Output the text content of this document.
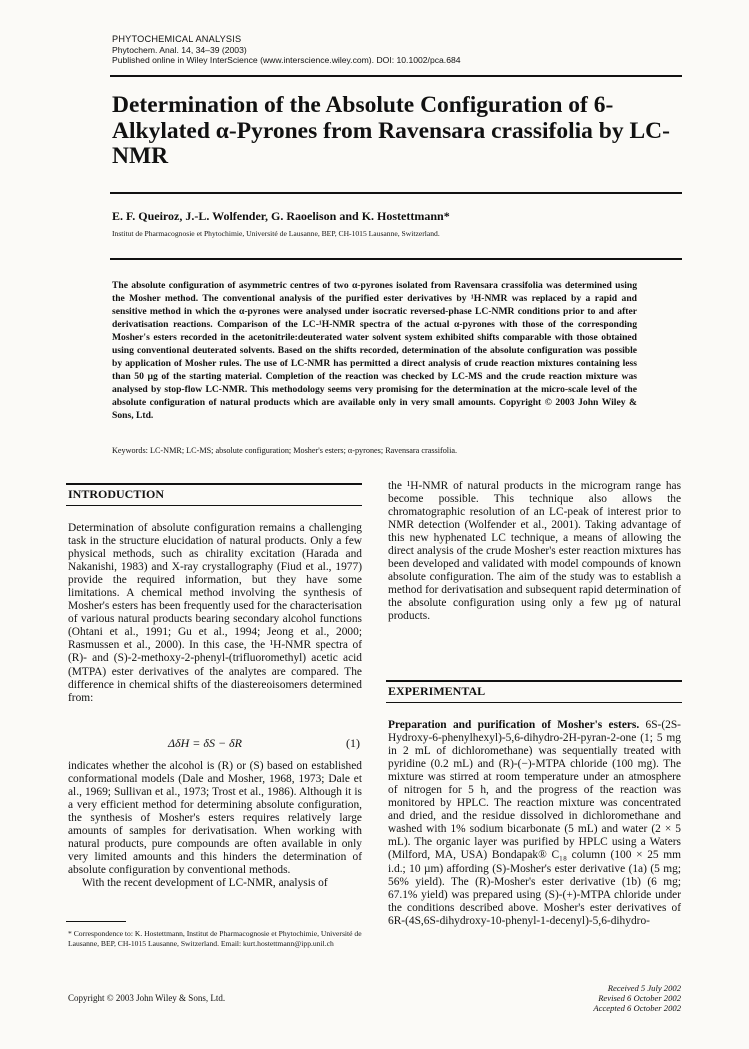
PHYTOCHEMICAL ANALYSIS
Phytochem. Anal. 14, 34–39 (2003)
Published online in Wiley InterScience (www.interscience.wiley.com). DOI: 10.1002/pca.684
Determination of the Absolute Configuration of 6-Alkylated α-Pyrones from Ravensara crassifolia by LC-NMR
E. F. Queiroz, J.-L. Wolfender, G. Raoelison and K. Hostettmann*
Institut de Pharmacognosie et Phytochimie, Université de Lausanne, BEP, CH-1015 Lausanne, Switzerland.
The absolute configuration of asymmetric centres of two α-pyrones isolated from Ravensara crassifolia was determined using the Mosher method. The conventional analysis of the purified ester derivatives by ¹H-NMR was replaced by a rapid and sensitive method in which the α-pyrones were analysed under isocratic reversed-phase LC-NMR conditions prior to and after derivatisation reactions. Comparison of the LC-¹H-NMR spectra of the actual α-pyrones with those of the corresponding Mosher's esters recorded in the acetonitrile:deuterated water solvent system exhibited shifts comparable with those obtained using conventional deuterated solvents. Based on the shifts recorded, determination of the absolute configuration was possible by application of Mosher rules. The use of LC-NMR has permitted a direct analysis of crude reaction mixtures containing less than 50 µg of the starting material. Completion of the reaction was checked by LC-MS and the crude reaction mixture was analysed by stop-flow LC-NMR. This methodology seems very promising for the determination at the micro-scale level of the absolute configuration of natural products which are available only in very small amounts. Copyright © 2003 John Wiley & Sons, Ltd.
Keywords: LC-NMR; LC-MS; absolute configuration; Mosher's esters; α-pyrones; Ravensara crassifolia.
INTRODUCTION
Determination of absolute configuration remains a challenging task in the structure elucidation of natural products. Only a few physical methods, such as chirality excitation (Harada and Nakanishi, 1983) and X-ray crystallography (Fiud et al., 1977) provide the required information, but they have some limitations. A chemical method involving the synthesis of Mosher's esters has been frequently used for the characterisation of various natural products bearing secondary alcohol functions (Ohtani et al., 1991; Gu et al., 1994; Jeong et al., 2000; Rasmussen et al., 2000). In this case, the ¹H-NMR spectra of (R)- and (S)-2-methoxy-2-phenyl-(trifluoromethyl) acetic acid (MTPA) ester derivatives of the analytes are compared. The difference in chemical shifts of the diastereoisomers determined from:
ΔδH = δS − δR	(1)
indicates whether the alcohol is (R) or (S) based on established conformational models (Dale and Mosher, 1968, 1973; Dale et al., 1969; Sullivan et al., 1973; Trost et al., 1986). Although it is a very efficient method for determining absolute configuration, the synthesis of Mosher's esters requires relatively large amounts of samples for derivatisation. When working with natural products, pure compounds are often available in only very limited amounts and this hinders the determination of absolute configuration by conventional methods.
With the recent development of LC-NMR, analysis of
* Correspondence to: K. Hostettmann, Institut de Pharmacognosie et Phytochimie, Université de Lausanne, BEP, CH-1015 Lausanne, Switzerland. Email: kurt.hostettmann@ipp.unil.ch
Copyright © 2003 John Wiley & Sons, Ltd.
the ¹H-NMR of natural products in the microgram range has become possible. This technique also allows the chromatographic resolution of an LC-peak of interest prior to NMR detection (Wolfender et al., 2001). Taking advantage of this new hyphenated LC technique, a means of allowing the direct analysis of the crude Mosher's ester reaction mixtures has been developed and validated with model compounds of known absolute configuration. The aim of the study was to establish a method for derivatisation and subsequent rapid determination of the absolute configuration using only a few µg of natural products.
EXPERIMENTAL
Preparation and purification of Mosher's esters. 6S-(2S-Hydroxy-6-phenylhexyl)-5,6-dihydro-2H-pyran-2-one (1; 5 mg in 2 mL of dichloromethane) was sequentially treated with pyridine (0.2 mL) and (R)-(−)-MTPA chloride (100 mg). The mixture was stirred at room temperature under an atmosphere of nitrogen for 5 h, and the progress of the reaction was monitored by HPLC. The reaction mixture was concentrated and dried, and the residue dissolved in dichloromethane and washed with 1% sodium bicarbonate (5 mL) and water (2 × 5 mL). The organic layer was purified by HPLC using a Waters (Milford, MA, USA) Bondapak® C₁₈ column (100 × 25 mm i.d.; 10 µm) affording (S)-Mosher's ester derivative (1a) (5 mg; 56% yield). The (R)-Mosher's ester derivative (1b) (6 mg; 67.1% yield) was prepared using (S)-(+)-MTPA chloride under the conditions described above. Mosher's ester derivatives of 6R-(4S,6S-dihydroxy-10-phenyl-1-decenyl)-5,6-dihydro-
Received 5 July 2002
Revised 6 October 2002
Accepted 6 October 2002
